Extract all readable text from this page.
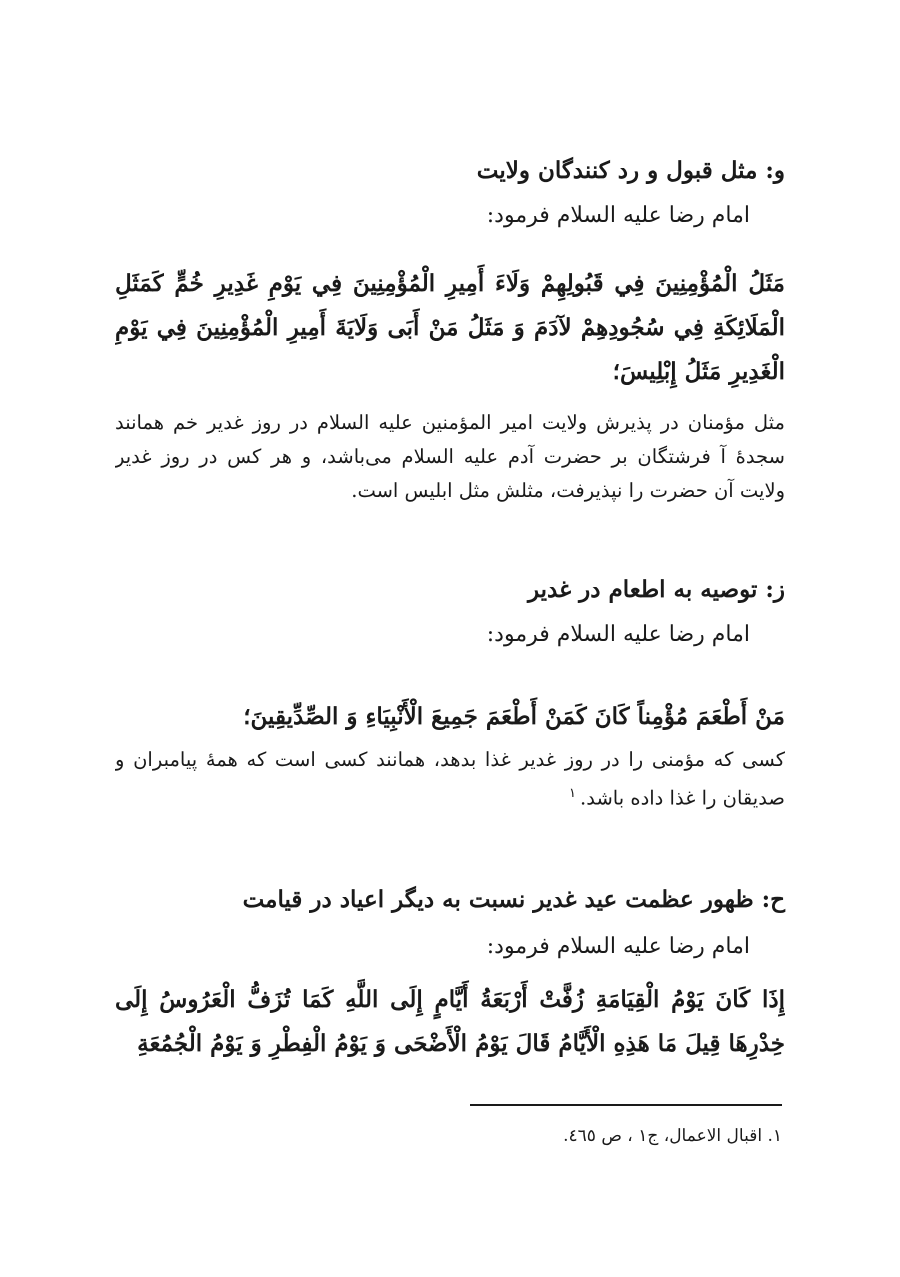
و: مثل قبول و رد کنندگان ولایت
امام رضا علیه السلام فرمود:
مَثَلُ الْمُؤْمِنِينَ فِي قَبُولِهِمْ وَلَاءَ أَمِيرِ الْمُؤْمِنِينَ فِي يَوْمِ غَدِيرِ خُمٍّ كَمَثَلِ الْمَلَائِكَةِ فِي سُجُودِهِمْ لآدَمَ وَ مَثَلُ مَنْ أَبَى وَلَايَةَ أَمِيرِ الْمُؤْمِنِينَ فِي يَوْمِ الْغَدِيرِ مَثَلُ إِبْلِيسَ؛
مثل مؤمنان در پذیرش ولایت امیر المؤمنین علیه السلام در روز غدیر خم همانند سجدهٔ آ فرشتگان بر حضرت آدم علیه السلام می‌باشد، و هر کس در روز غدیر ولایت آن حضرت را نپذیرفت، مثلش مثل ابلیس است.
ز: توصیه به اطعام در غدیر
امام رضا علیه السلام فرمود:
مَنْ أَطْعَمَ مُؤْمِناً كَانَ كَمَنْ أَطْعَمَ جَمِيعَ الْأَنْبِيَاءِ وَ الصِّدِّيقِينَ؛
کسی که مؤمنی را در روز غدیر غذا بدهد، همانند کسی است که همهٔ پیامبران و صدیقان را غذا داده باشد.$^۱$
ح: ظهور عظمت عید غدیر نسبت به دیگر اعیاد در قیامت
امام رضا علیه السلام فرمود:
إِذَا كَانَ يَوْمُ الْقِيَامَةِ زُفَّتْ أَرْبَعَةُ أَيَّامٍ إِلَى اللَّهِ كَمَا تُزَفُّ الْعَرُوسُ إِلَى خِدْرِهَا قِيلَ مَا هَذِهِ الْأَيَّامُ قَالَ يَوْمُ الْأَضْحَى وَ يَوْمُ الْفِطْرِ وَ يَوْمُ الْجُمُعَةِ
۱. اقبال الاعمال، ج۱ ، ص ٤٦٥.
